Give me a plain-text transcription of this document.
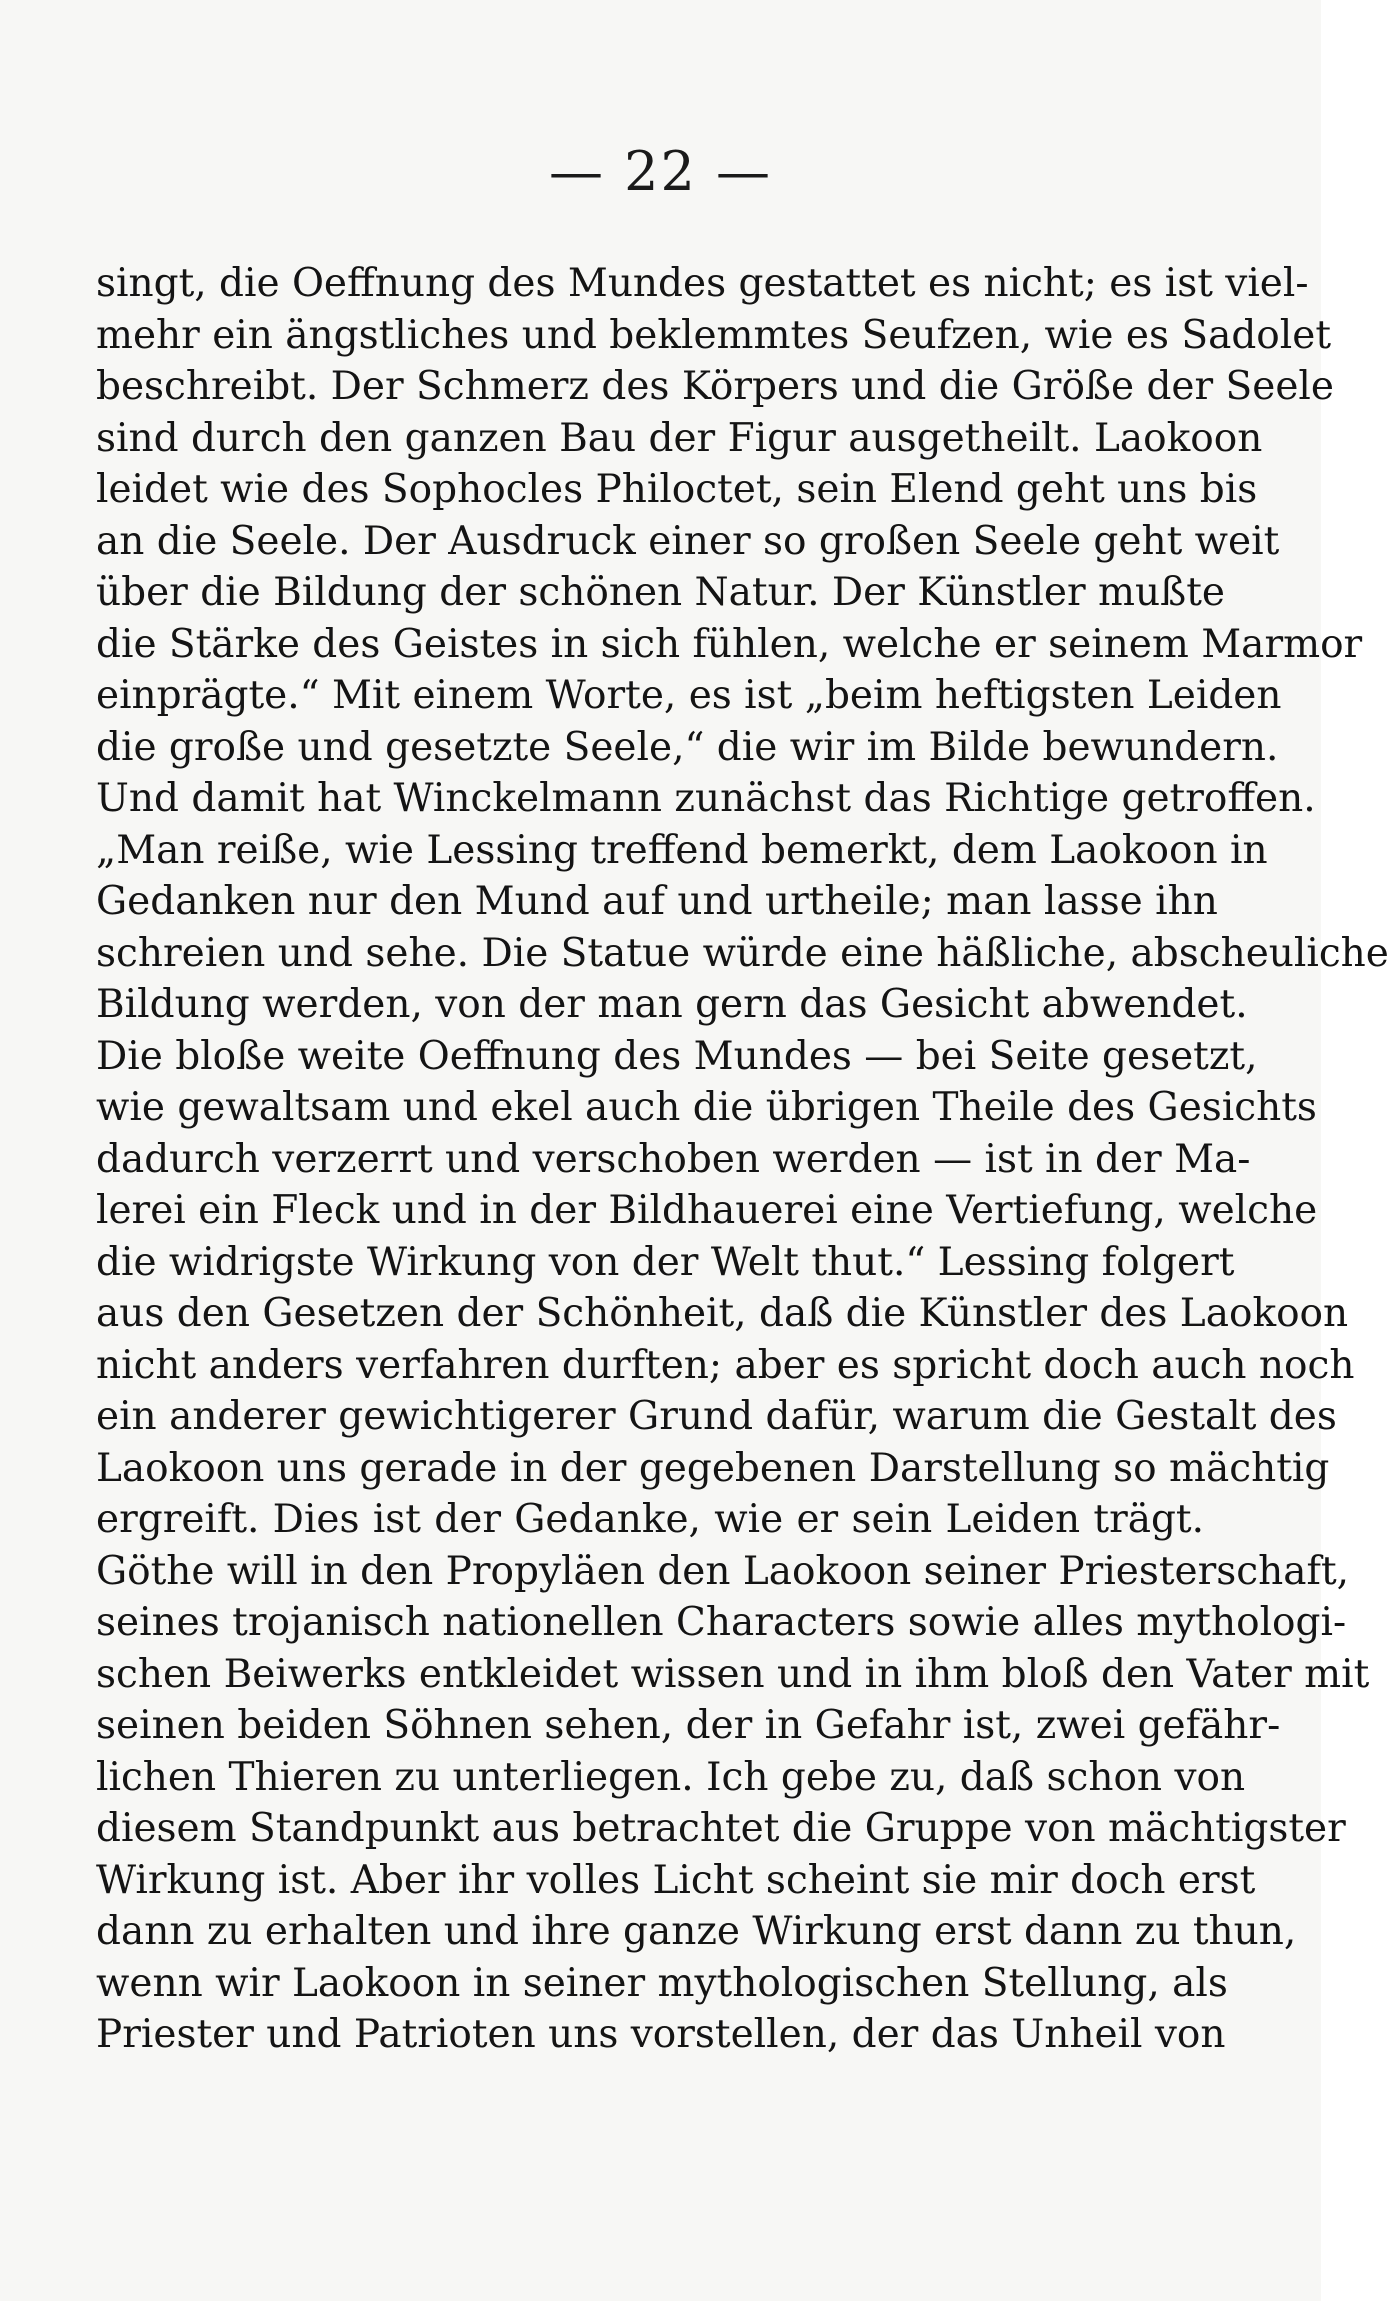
— 22 —
singt, die Oeffnung des Mundes gestattet es nicht; es ist viel-
mehr ein ängstliches und beklemmtes Seufzen, wie es Sadolet
beschreibt. Der Schmerz des Körpers und die Größe der Seele
sind durch den ganzen Bau der Figur ausgetheilt. Laokoon
leidet wie des Sophocles Philoctet, sein Elend geht uns bis
an die Seele. Der Ausdruck einer so großen Seele geht weit
über die Bildung der schönen Natur. Der Künstler mußte
die Stärke des Geistes in sich fühlen, welche er seinem Marmor
einprägte.“ Mit einem Worte, es ist „beim heftigsten Leiden
die große und gesetzte Seele,“ die wir im Bilde bewundern.
Und damit hat Winckelmann zunächst das Richtige getroffen.
„Man reiße, wie Lessing treffend bemerkt, dem Laokoon in
Gedanken nur den Mund auf und urtheile; man lasse ihn
schreien und sehe. Die Statue würde eine häßliche, abscheuliche
Bildung werden, von der man gern das Gesicht abwendet.
Die bloße weite Oeffnung des Mundes — bei Seite gesetzt,
wie gewaltsam und ekel auch die übrigen Theile des Gesichts
dadurch verzerrt und verschoben werden — ist in der Ma-
lerei ein Fleck und in der Bildhauerei eine Vertiefung, welche
die widrigste Wirkung von der Welt thut.“ Lessing folgert
aus den Gesetzen der Schönheit, daß die Künstler des Laokoon
nicht anders verfahren durften; aber es spricht doch auch noch
ein anderer gewichtigerer Grund dafür, warum die Gestalt des
Laokoon uns gerade in der gegebenen Darstellung so mächtig
ergreift. Dies ist der Gedanke, wie er sein Leiden trägt.
Göthe will in den Propyläen den Laokoon seiner Priesterschaft,
seines trojanisch nationellen Characters sowie alles mythologi-
schen Beiwerks entkleidet wissen und in ihm bloß den Vater mit
seinen beiden Söhnen sehen, der in Gefahr ist, zwei gefähr-
lichen Thieren zu unterliegen. Ich gebe zu, daß schon von
diesem Standpunkt aus betrachtet die Gruppe von mächtigster
Wirkung ist. Aber ihr volles Licht scheint sie mir doch erst
dann zu erhalten und ihre ganze Wirkung erst dann zu thun,
wenn wir Laokoon in seiner mythologischen Stellung, als
Priester und Patrioten uns vorstellen, der das Unheil von
